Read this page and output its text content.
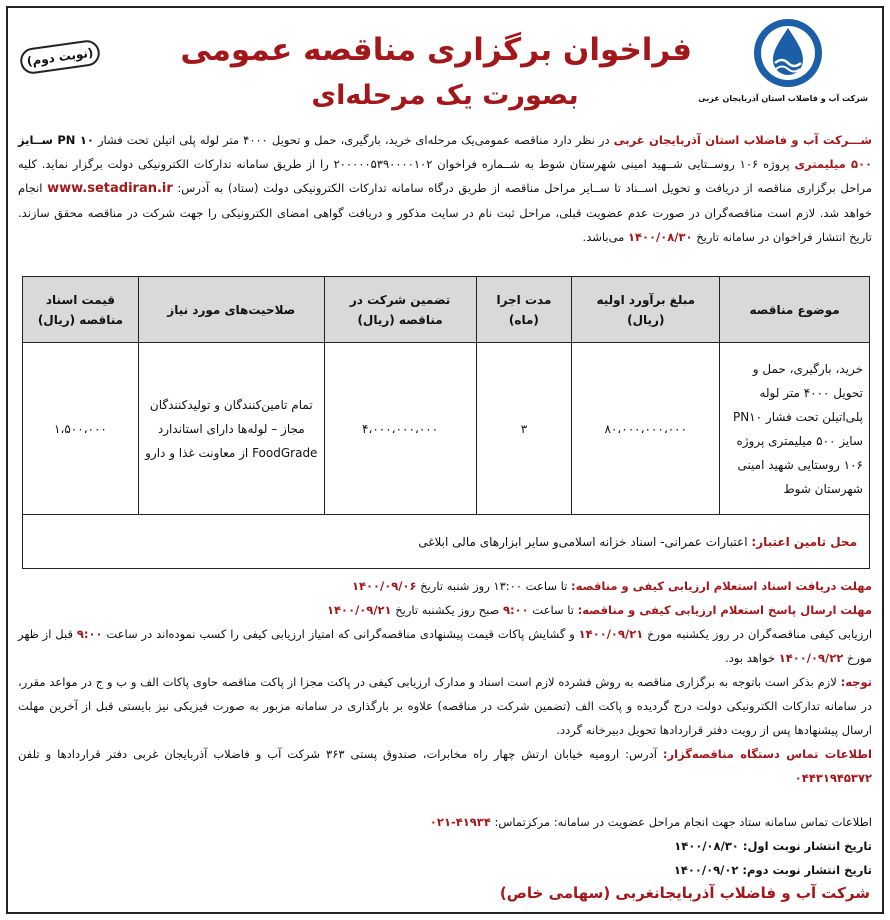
شرکت آب و فاضلاب استان آذربایجان غربی
فراخوان برگزاری مناقصه عمومی
بصورت یک مرحله‌ای
(نوبت دوم)
شـــرکت آب و فاضلاب استان آذربایجان غربی در نظر دارد مناقصه عمومی‌یک مرحله‌ای خرید، بارگیری، حمل و تحویل ۴۰۰۰ متر لوله پلی اتیلن تحت فشار PN ۱۰ ســایز ۵۰۰ میلیمتری پروژه ۱۰۶ روســتایی شــهید امینی شهرستان شوط به شــماره فراخوان ۲۰۰۰۰۰۵۳۹۰۰۰۰۱۰۲ را از طریق سامانه تدارکات الکترونیکی دولت برگزار نماید. کلیه مراحل برگزاری مناقصه از دریافت و تحویل اســناد تا ســایر مراحل مناقصه از طریق درگاه سامانه تدارکات الکترونیکی دولت (ستاد) به آدرس: www.setadiran.ir انجام خواهد شد. لازم است مناقصه‌گران در صورت عدم عضویت قبلی، مراحل ثبت نام در سایت مذکور و دریافت گواهی امضای الکترونیکی را جهت شرکت در مناقصه محقق سازند. تاریخ انتشار فراخوان در سامانه تاریخ ۱۴۰۰/۰۸/۳۰ می‌باشد.
موضوع مناقصه	مبلغ برآورد اولیه (ریال)	مدت اجرا (ماه)	تضمین شرکت در مناقصه (ریال)	صلاحیت‌های مورد نیاز	قیمت اسناد مناقصه (ریال)
خرید، بارگیری، حمل و تحویل ۴۰۰۰ متر لوله پلی‌اتیلن تحت فشار PN۱۰ سایز ۵۰۰ میلیمتری پروژه ۱۰۶ روستایی شهید امینی شهرستان شوط	۸۰،۰۰۰،۰۰۰،۰۰۰	۳	۴،۰۰۰،۰۰۰،۰۰۰	تمام تامین‌کنندگان و تولیدکنندگان مجاز – لوله‌ها دارای استاندارد FoodGrade از معاونت غذا و دارو	۱،۵۰۰،۰۰۰
محل تامین اعتبار: اعتبارات عمرانی- اسناد خزانه اسلامی‌و سایر ابزارهای مالی ابلاغی					

مهلت دریافت اسناد استعلام ارزیابی کیفی و مناقصه: تا ساعت ۱۳:۰۰ روز شنبه تاریخ ۱۴۰۰/۰۹/۰۶

مهلت ارسال پاسخ استعلام ارزیابی کیفی و مناقصه: تا ساعت ۹:۰۰ صبح روز یکشنبه تاریخ ۱۴۰۰/۰۹/۲۱

ارزیابی کیفی مناقصه‌گران در روز یکشنبه مورخ ۱۴۰۰/۰۹/۲۱ و گشایش پاکات قیمت پیشنهادی مناقصه‌گرانی که امتیاز ارزیابی کیفی را کسب نموده‌اند در ساعت ۹:۰۰ قبل از ظهر مورخ ۱۴۰۰/۰۹/۲۲ خواهد بود.

توجه: لازم بذکر است باتوجه به برگزاری مناقصه به روش فشرده لازم است اسناد و مدارک ارزیابی کیفی در پاکت مجزا از پاکت مناقصه حاوی پاکات الف و ب و ج در مواعد مقرر، در سامانه تدارکات الکترونیکی دولت درج گردیده و پاکت الف (تضمین شرکت در مناقصه) علاوه بر بارگذاری در سامانه مزبور به صورت فیزیکی نیز بایستی قبل از آخرین مهلت ارسال پیشنهادها پس از رویت دفتر قراردادها تحویل دبیرخانه گردد.

اطلاعات تماس دستگاه مناقصه‌گزار: آدرس: ارومیه خیابان ارتش چهار راه مخابرات، صندوق پستی ۳۶۳ شرکت آب و فاضلاب آذربایجان غربی دفتر قراردادها و تلفن ۰۴۴۳۱۹۴۵۳۷۲

اطلاعات تماس سامانه ستاد جهت انجام مراحل عضویت در سامانه: مرکزتماس: ۰۲۱-۴۱۹۳۴

تاریخ انتشار نوبت اول: ۱۴۰۰/۰۸/۳۰

تاریخ انتشار نوبت دوم: ۱۴۰۰/۰۹/۰۲

شرکت آب و فاضلاب آذربایجانغربی (سهامی خاص)
